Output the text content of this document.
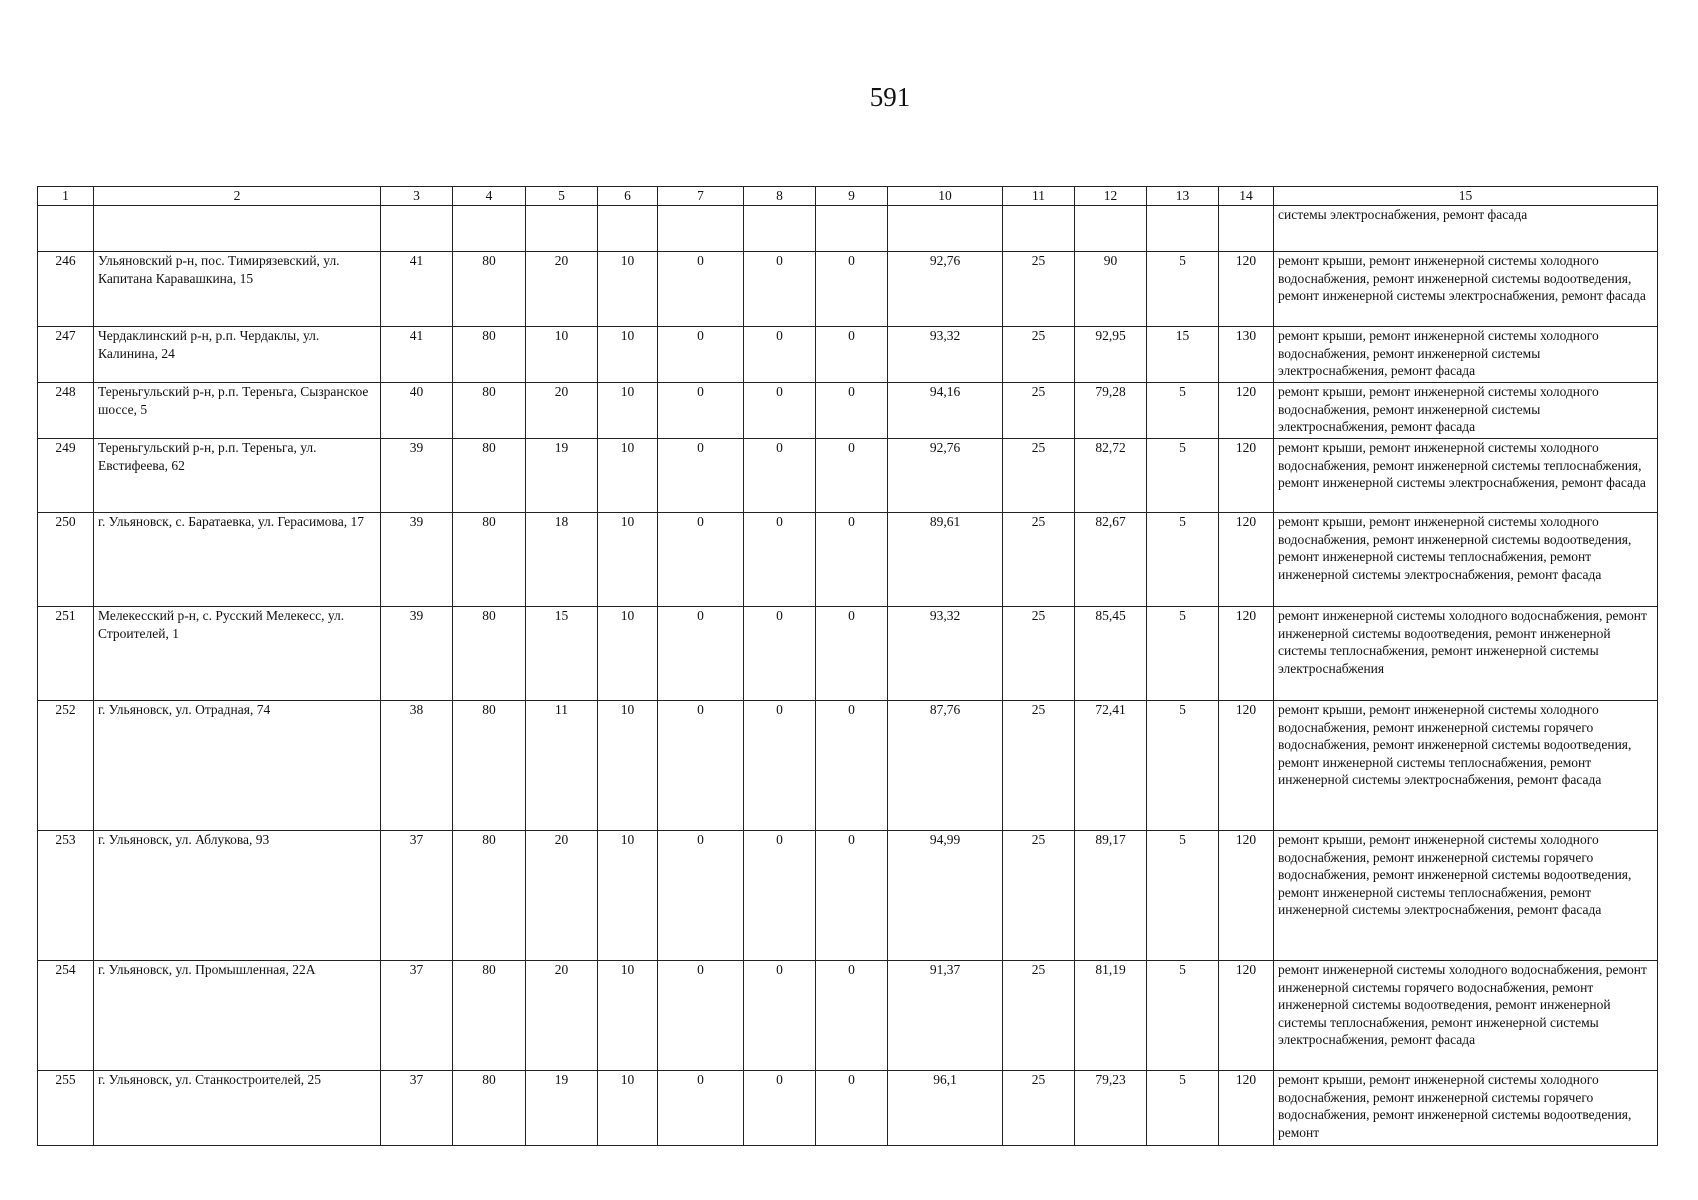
591
1	2	3	4	5	6	7	8	9	10	11	12	13	14	15
														системы электроснабжения, ремонт фасада
246	Ульяновский р-н, пос. Тимирязевский, ул. Капитана Каравашкина, 15	41	80	20	10	0	0	0	92,76	25	90	5	120	ремонт крыши, ремонт инженерной системы холодного водоснабжения, ремонт инженерной системы водоотведения, ремонт инженерной системы электроснабжения, ремонт фасада
247	Чердаклинский р-н, р.п. Чердаклы, ул. Калинина, 24	41	80	10	10	0	0	0	93,32	25	92,95	15	130	ремонт крыши, ремонт инженерной системы холодного водоснабжения, ремонт инженерной системы электроснабжения, ремонт фасада
248	Тереньгульский р-н, р.п. Тереньга, Сызранское шоссе, 5	40	80	20	10	0	0	0	94,16	25	79,28	5	120	ремонт крыши, ремонт инженерной системы холодного водоснабжения, ремонт инженерной системы электроснабжения, ремонт фасада
249	Тереньгульский р-н, р.п. Тереньга, ул. Евстифеева, 62	39	80	19	10	0	0	0	92,76	25	82,72	5	120	ремонт крыши, ремонт инженерной системы холодного водоснабжения, ремонт инженерной системы теплоснабжения, ремонт инженерной системы электроснабжения, ремонт фасада
250	г. Ульяновск, с. Баратаевка, ул. Герасимова, 17	39	80	18	10	0	0	0	89,61	25	82,67	5	120	ремонт крыши, ремонт инженерной системы холодного водоснабжения, ремонт инженерной системы водоотведения, ремонт инженерной системы теплоснабжения, ремонт инженерной системы электроснабжения, ремонт фасада
251	Мелекесский р-н, с. Русский Мелекесс, ул. Строителей, 1	39	80	15	10	0	0	0	93,32	25	85,45	5	120	ремонт инженерной системы холодного водоснабжения, ремонт инженерной системы водоотведения, ремонт инженерной системы теплоснабжения, ремонт инженерной системы электроснабжения
252	г. Ульяновск, ул. Отрадная, 74	38	80	11	10	0	0	0	87,76	25	72,41	5	120	ремонт крыши, ремонт инженерной системы холодного водоснабжения, ремонт инженерной системы горячего водоснабжения, ремонт инженерной системы водоотведения, ремонт инженерной системы теплоснабжения, ремонт инженерной системы электроснабжения, ремонт фасада
253	г. Ульяновск, ул. Аблукова, 93	37	80	20	10	0	0	0	94,99	25	89,17	5	120	ремонт крыши, ремонт инженерной системы холодного водоснабжения, ремонт инженерной системы горячего водоснабжения, ремонт инженерной системы водоотведения, ремонт инженерной системы теплоснабжения, ремонт инженерной системы электроснабжения, ремонт фасада
254	г. Ульяновск, ул. Промышленная, 22А	37	80	20	10	0	0	0	91,37	25	81,19	5	120	ремонт инженерной системы холодного водоснабжения, ремонт инженерной системы горячего водоснабжения, ремонт инженерной системы водоотведения, ремонт инженерной системы теплоснабжения, ремонт инженерной системы электроснабжения, ремонт фасада
255	г. Ульяновск, ул. Станкостроителей, 25	37	80	19	10	0	0	0	96,1	25	79,23	5	120	ремонт крыши, ремонт инженерной системы холодного водоснабжения, ремонт инженерной системы горячего водоснабжения, ремонт инженерной системы водоотведения, ремонт
